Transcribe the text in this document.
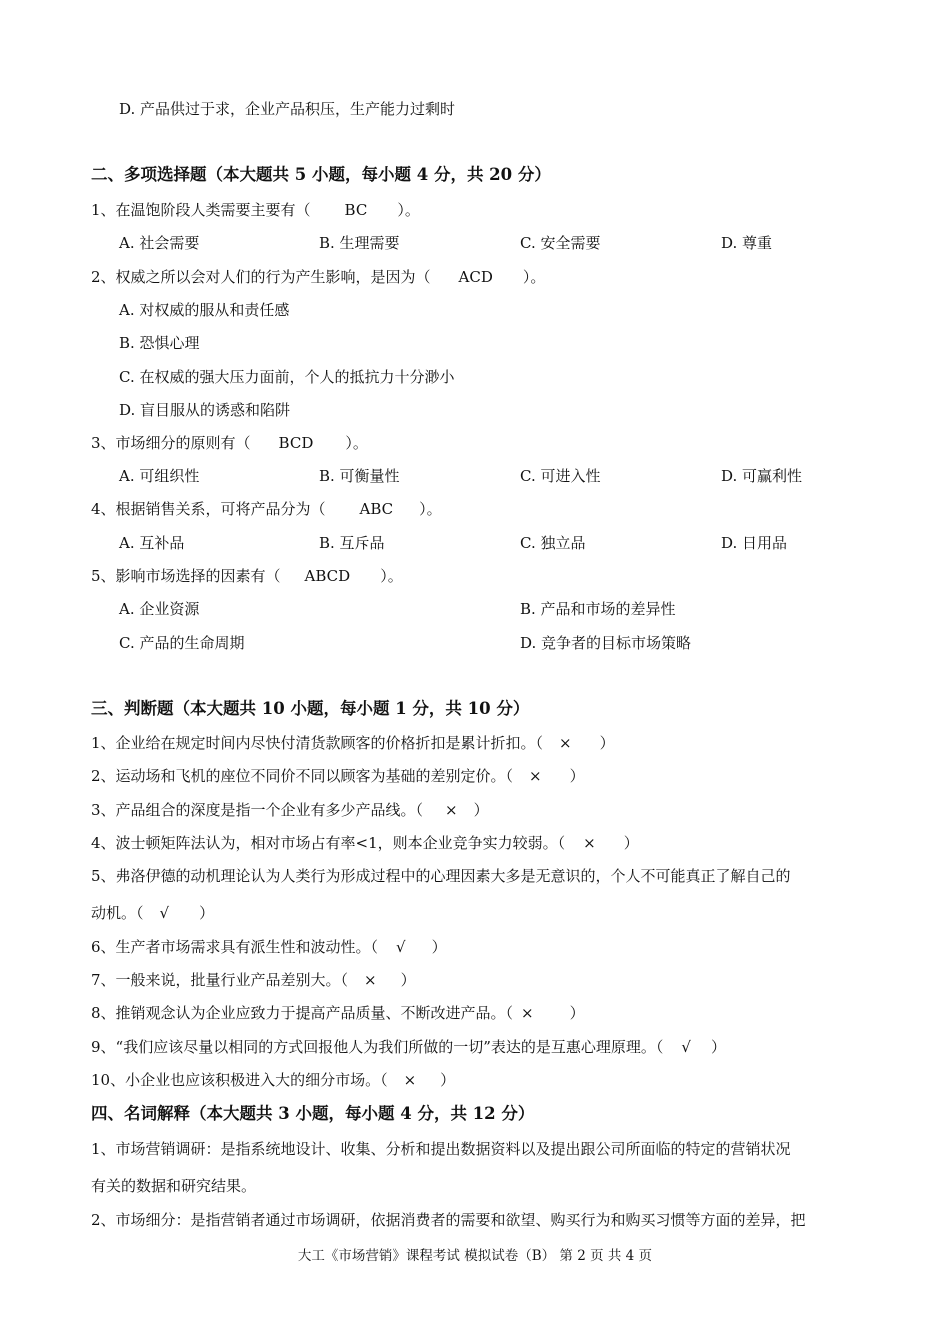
D. 产品供过于求，企业产品积压，生产能力过剩时
二、多项选择题（本大题共 5 小题，每小题 4 分，共 20 分）
1、在温饱阶段人类需要主要有（ BC ）。
A. 社会需要	B. 生理需要	C. 安全需要	D. 尊重
2、权威之所以会对人们的行为产生影响，是因为（ ACD ）。
A. 对权威的服从和责任感
B. 恐惧心理
C. 在权威的强大压力面前，个人的抵抗力十分渺小
D. 盲目服从的诱惑和陷阱
3、市场细分的原则有（ BCD ）。
A. 可组织性	B. 可衡量性	C. 可进入性	D. 可赢利性
4、根据销售关系，可将产品分为（ ABC ）。
A. 互补品	B. 互斥品	C. 独立品	D. 日用品
5、影响市场选择的因素有（ ABCD ）。
A. 企业资源	B. 产品和市场的差异性
C. 产品的生命周期	D. 竞争者的目标市场策略
三、判断题（本大题共 10 小题，每小题 1 分，共 10 分）
1、企业给在规定时间内尽快付清货款顾客的价格折扣是累计折扣。（ × ）
2、运动场和飞机的座位不同价不同以顾客为基础的差别定价。（ × ）
3、产品组合的深度是指一个企业有多少产品线。（ × ）
4、波士顿矩阵法认为，相对市场占有率<1，则本企业竞争实力较弱。（ × ）
5、弗洛伊德的动机理论认为人类行为形成过程中的心理因素大多是无意识的，个人不可能真正了解自己的
动机。（ √ ）
6、生产者市场需求具有派生性和波动性。（ √ ）
7、一般来说，批量行业产品差别大。（ × ）
8、推销观念认为企业应致力于提高产品质量、不断改进产品。（ × ）
9、“我们应该尽量以相同的方式回报他人为我们所做的一切”表达的是互惠心理原理。（ √ ）
10、小企业也应该积极进入大的细分市场。（ × ）
四、名词解释（本大题共 3 小题，每小题 4 分，共 12 分）
1、市场营销调研：是指系统地设计、收集、分析和提出数据资料以及提出跟公司所面临的特定的营销状况
有关的数据和研究结果。
2、市场细分：是指营销者通过市场调研，依据消费者的需要和欲望、购买行为和购买习惯等方面的差异，把
大工《市场营销》课程考试 模拟试卷（B） 第 2 页 共 4 页
